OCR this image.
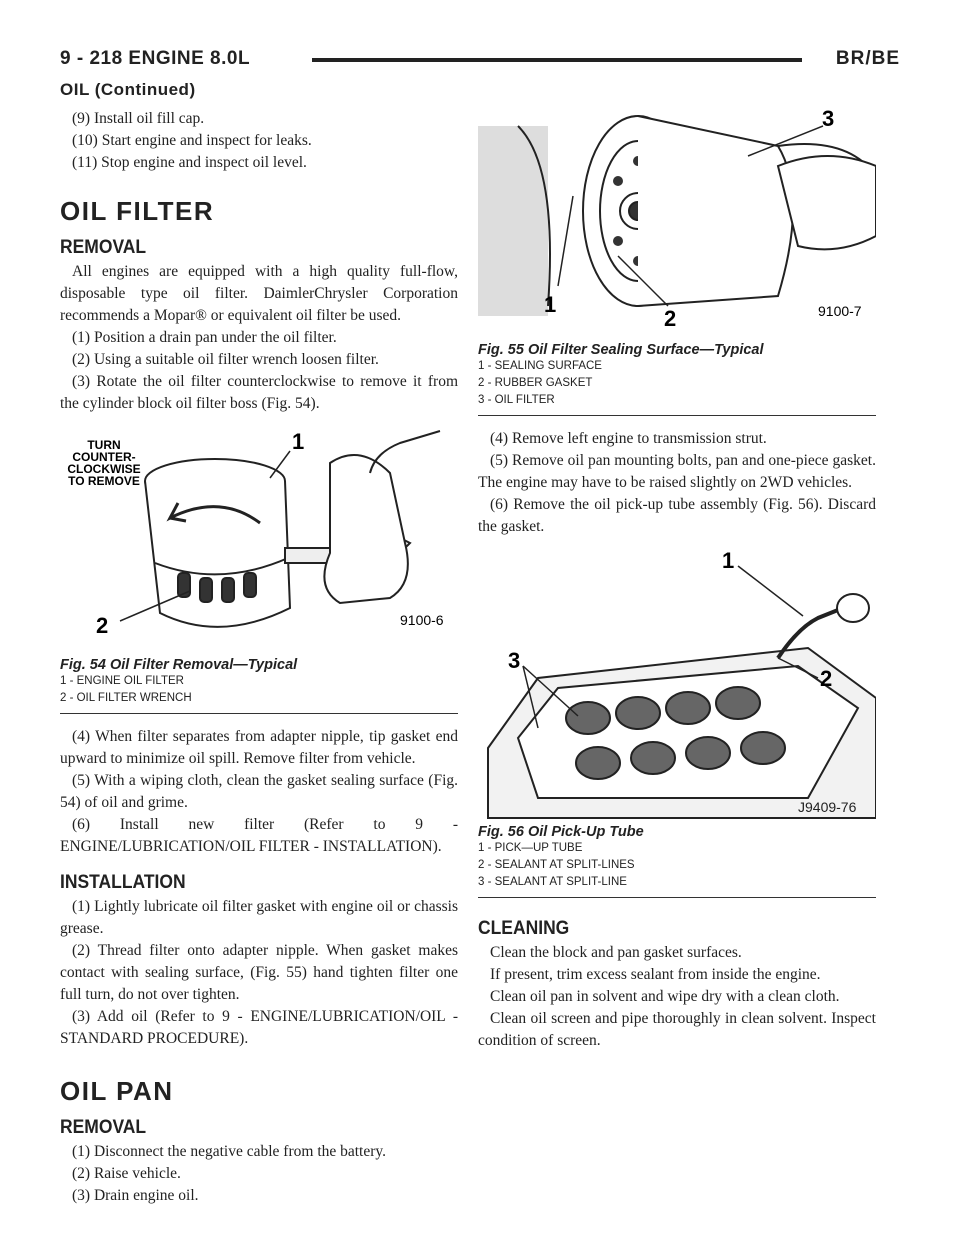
9 - 218 ENGINE 8.0L	BR/BE
OIL (Continued)

(9) Install oil fill cap.

(10) Start engine and inspect for leaks.

(11) Stop engine and inspect oil level.

OIL FILTER
REMOVAL

All engines are equipped with a high quality full-flow, disposable type oil filter. DaimlerChrysler Corporation recommends a Mopar® or equivalent oil filter be used.

(1) Position a drain pan under the oil filter.

(2) Using a suitable oil filter wrench loosen filter.

(3) Rotate the oil filter counterclockwise to remove it from the cylinder block oil filter boss (Fig. 54).

TURN
COUNTER-
CLOCKWISE
TO REMOVE
1
2	9100-6
Fig. 54 Oil Filter Removal—Typical
1 - ENGINE OIL FILTER
2 - OIL FILTER WRENCH

(4) When filter separates from adapter nipple, tip gasket end upward to minimize oil spill. Remove filter from vehicle.

(5) With a wiping cloth, clean the gasket sealing surface (Fig. 54) of oil and grime.

(6) Install new filter (Refer to 9 - ENGINE/LUBRICATION/OIL FILTER - INSTALLATION).

INSTALLATION

(1) Lightly lubricate oil filter gasket with engine oil or chassis grease.

(2) Thread filter onto adapter nipple. When gasket makes contact with sealing surface, (Fig. 55) hand tighten filter one full turn, do not over tighten.

(3) Add oil (Refer to 9 - ENGINE/LUBRICATION/OIL - STANDARD PROCEDURE).

OIL PAN
REMOVAL

(1) Disconnect the negative cable from the battery.

(2) Raise vehicle.

(3) Drain engine oil.

3
1
2	9100-7
Fig. 55 Oil Filter Sealing Surface—Typical
1 - SEALING SURFACE
2 - RUBBER GASKET
3 - OIL FILTER

(4) Remove left engine to transmission strut.

(5) Remove oil pan mounting bolts, pan and one-piece gasket. The engine may have to be raised slightly on 2WD vehicles.

(6) Remove the oil pick-up tube assembly (Fig. 56). Discard the gasket.

1
2
3
J9409-76
Fig. 56 Oil Pick-Up Tube
1 - PICK—UP TUBE
2 - SEALANT AT SPLIT-LINES
3 - SEALANT AT SPLIT-LINE
CLEANING

Clean the block and pan gasket surfaces.

If present, trim excess sealant from inside the engine.

Clean oil pan in solvent and wipe dry with a clean cloth.

Clean oil screen and pipe thoroughly in clean solvent. Inspect condition of screen.
